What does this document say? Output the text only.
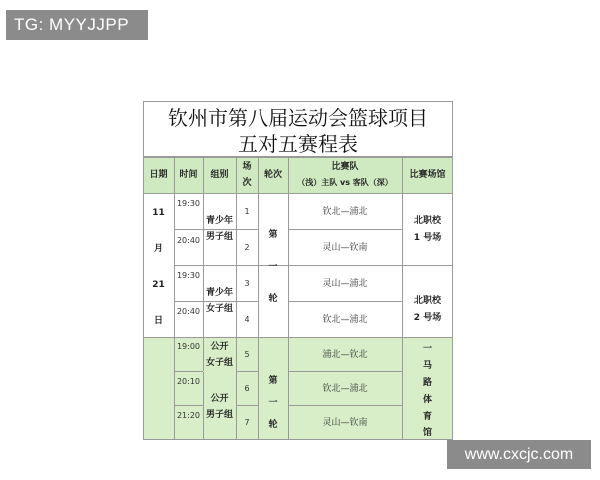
TG: MYYJJPP
钦州市第八届运动会篮球项目
五对五赛程表
日期	时间	组别
场
次
轮次
比赛队
（浅）主队 vs 客队（深）
比赛场馆
11
月
21
日
19:30
20:40
19:30
20:40
19:00
20:10
21:20
青少年
男子组
青少年
女子组
公开
女子组
公开
男子组
1
2
3
4
5
6
7
第
一
轮
第
一
轮
钦北—浦北
灵山—钦南
灵山—浦北
钦北—浦北
浦北—钦北
钦北—浦北
灵山—钦南
北职校
1 号场
北职校
2 号场
一
马
路
体
育
馆
www.cxcjc.com
